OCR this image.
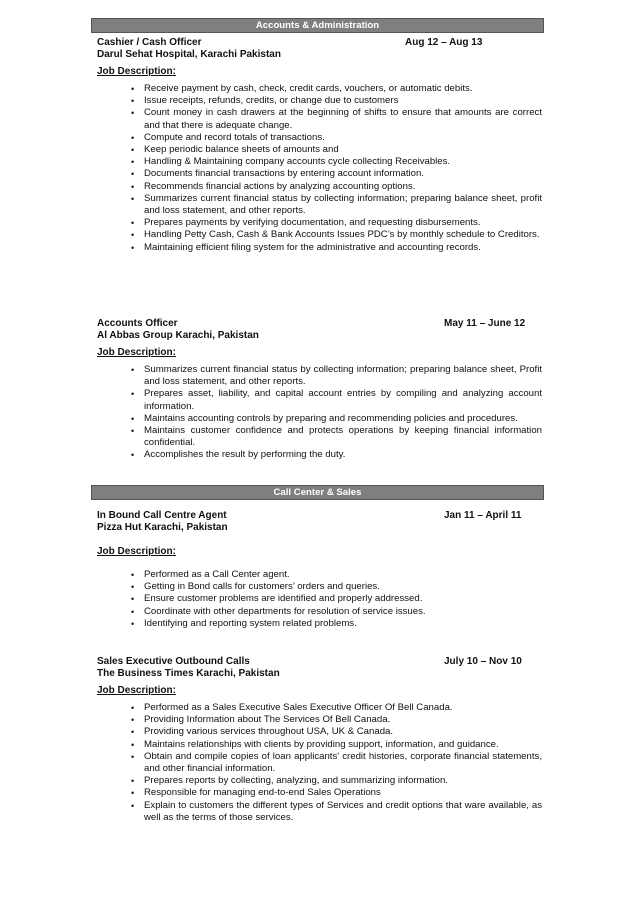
Accounts & Administration
Cashier / Cash Officer	Aug 12 – Aug 13
Darul Sehat Hospital, Karachi Pakistan
Job Description:
• Receive payment by cash, check, credit cards, vouchers, or automatic debits.
• Issue receipts, refunds, credits, or change due to customers
• Count money in cash drawers at the beginning of shifts to ensure that amounts are correct and that there is adequate change.
• Compute and record totals of transactions.
• Keep periodic balance sheets of amounts and
• Handling & Maintaining company accounts cycle collecting Receivables.
• Documents financial transactions by entering account information.
• Recommends financial actions by analyzing accounting options.
• Summarizes current financial status by collecting information; preparing balance sheet, profit and loss statement, and other reports.
• Prepares payments by verifying documentation, and requesting disbursements.
• Handling Petty Cash, Cash & Bank Accounts Issues PDC’s by monthly schedule to Creditors.
• Maintaining efficient filing system for the administrative and accounting records.
Accounts Officer	May 11 – June 12
Al Abbas Group Karachi, Pakistan
Job Description:
• Summarizes current financial status by collecting information; preparing balance sheet, Profit and loss statement, and other reports.
• Prepares asset, liability, and capital account entries by compiling and analyzing account information.
• Maintains accounting controls by preparing and recommending policies and procedures.
• Maintains customer confidence and protects operations by keeping financial information confidential.
• Accomplishes the result by performing the duty.
Call Center & Sales
In Bound Call Centre Agent	Jan 11 – April 11
Pizza Hut Karachi, Pakistan
Job Description:
• Performed as a Call Center agent.
• Getting in Bond calls for customers’ orders and queries.
• Ensure customer problems are identified and properly addressed.
• Coordinate with other departments for resolution of service issues.
• Identifying and reporting system related problems.
Sales Executive Outbound Calls	July 10 – Nov 10
The Business Times Karachi, Pakistan
Job Description:
• Performed as a Sales Executive Sales Executive Officer Of Bell Canada.
• Providing Information about The Services Of Bell Canada.
• Providing various services throughout USA, UK & Canada.
• Maintains relationships with clients by providing support, information, and guidance.
• Obtain and compile copies of loan applicants' credit histories, corporate financial statements, and other financial information.
• Prepares reports by collecting, analyzing, and summarizing information.
• Responsible for managing end-to-end Sales Operations
• Explain to customers the different types of Services and credit options that ware available, as well as the terms of those services.
